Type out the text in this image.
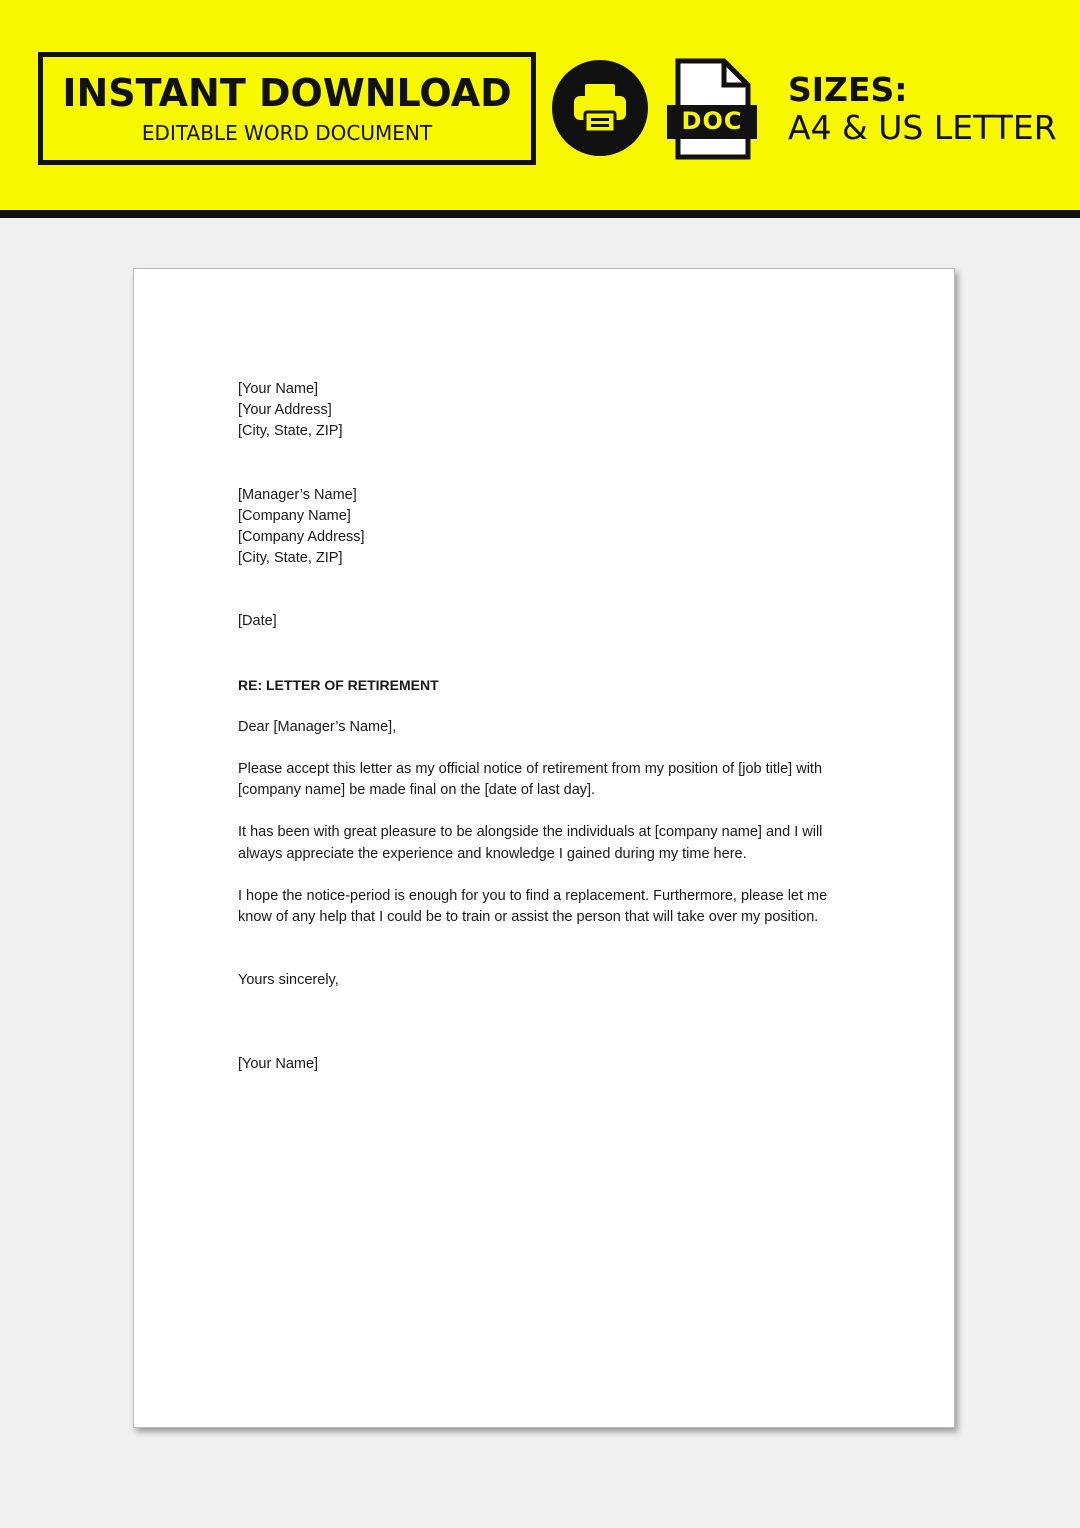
INSTANT DOWNLOAD
EDITABLE WORD DOCUMENT	DOC
SIZES:
A4 & US LETTER
[Your Name]
[Your Address]
[City, State, ZIP]
[Manager’s Name]
[Company Name]
[Company Address]
[City, State, ZIP]
[Date]
RE: LETTER OF RETIREMENT
Dear [Manager’s Name],

Please accept this letter as my official notice of retirement from my position of [job title] with [company name] be made final on the [date of last day].

It has been with great pleasure to be alongside the individuals at [company name] and I will always appreciate the experience and knowledge I gained during my time here.

I hope the notice-period is enough for you to find a replacement. Furthermore, please let me know of any help that I could be to train or assist the person that will take over my position.

Yours sincerely,
[Your Name]
